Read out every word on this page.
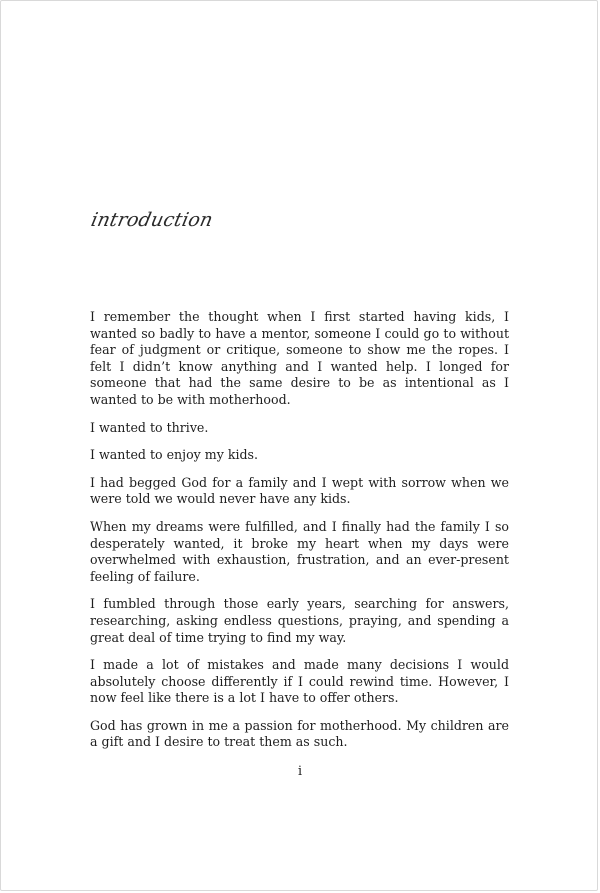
introduction

I remember the thought when I first started having kids, I wanted so badly to have a mentor, someone I could go to without fear of judgment or critique, someone to show me the ropes. I felt I didn’t know anything and I wanted help. I longed for someone that had the same desire to be as intentional as I wanted to be with motherhood.

I wanted to thrive.

I wanted to enjoy my kids.

I had begged God for a family and I wept with sorrow when we were told we would never have any kids.

When my dreams were fulfilled, and I finally had the family I so desperately wanted, it broke my heart when my days were overwhelmed with exhaustion, frustration, and an ever-present feeling of failure.

I fumbled through those early years, searching for answers, researching, asking endless questions, praying, and spending a great deal of time trying to find my way.

I made a lot of mistakes and made many decisions I would absolutely choose differently if I could rewind time. However, I now feel like there is a lot I have to offer others.

God has grown in me a passion for motherhood. My children are a gift and I desire to treat them as such.

i
